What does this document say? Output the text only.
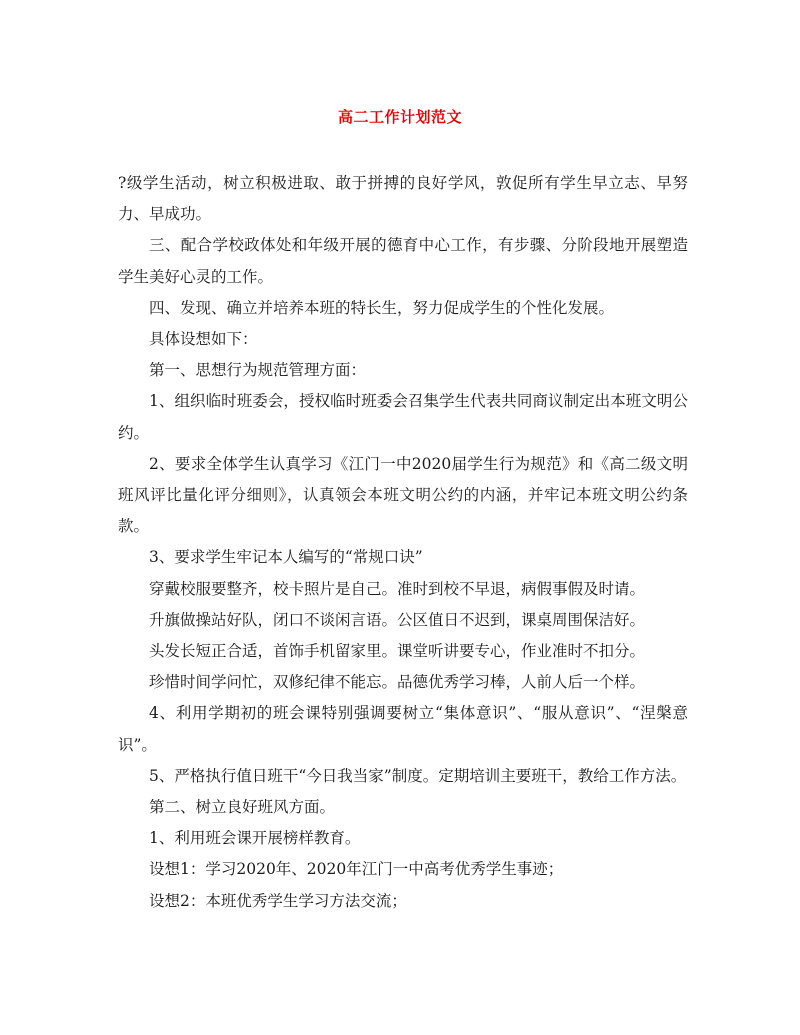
高二工作计划范文

?级学生活动，树立积极进取、敢于拼搏的良好学风，敦促所有学生早立志、早努力、早成功。

三、配合学校政体处和年级开展的德育中心工作，有步骤、分阶段地开展塑造学生美好心灵的工作。

四、发现、确立并培养本班的特长生，努力促成学生的个性化发展。

具体设想如下：

第一、思想行为规范管理方面：

1、组织临时班委会，授权临时班委会召集学生代表共同商议制定出本班文明公约。

2、要求全体学生认真学习《江门一中2020届学生行为规范》和《高二级文明班风评比量化评分细则》，认真领会本班文明公约的内涵，并牢记本班文明公约条款。

3、要求学生牢记本人编写的“常规口诀”

穿戴校服要整齐，校卡照片是自己。准时到校不早退，病假事假及时请。

升旗做操站好队，闭口不谈闲言语。公区值日不迟到，课桌周围保洁好。

头发长短正合适，首饰手机留家里。课堂听讲要专心，作业准时不扣分。

珍惜时间学问忙，双修纪律不能忘。品德优秀学习棒，人前人后一个样。

4、利用学期初的班会课特别强调要树立“集体意识”、“服从意识”、“涅槃意识”。

5、严格执行值日班干“今日我当家”制度。定期培训主要班干，教给工作方法。

第二、树立良好班风方面。

1、利用班会课开展榜样教育。

设想1：学习2020年、2020年江门一中高考优秀学生事迹；

设想2：本班优秀学生学习方法交流；
